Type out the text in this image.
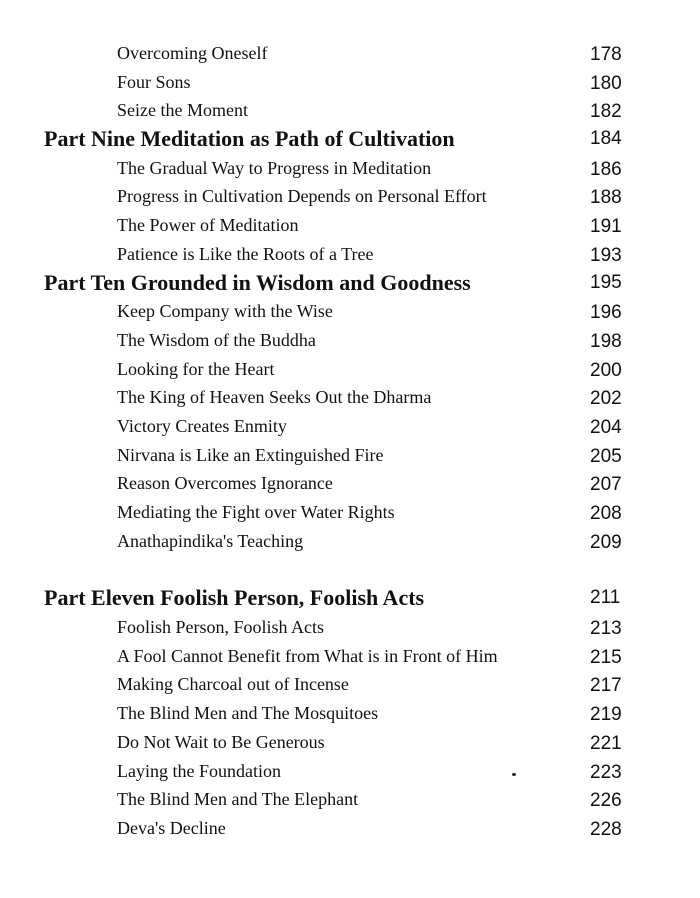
Overcoming Oneself	178
Four Sons	180
Seize the Moment	182
Part Nine Meditation as Path of Cultivation	184
The Gradual Way to Progress in Meditation	186
Progress in Cultivation Depends on Personal Effort	188
The Power of Meditation	191
Patience is Like the Roots of a Tree	193
Part Ten Grounded in Wisdom and Goodness	195
Keep Company with the Wise	196
The Wisdom of the Buddha	198
Looking for the Heart	200
The King of Heaven Seeks Out the Dharma	202
Victory Creates Enmity	204
Nirvana is Like an Extinguished Fire	205
Reason Overcomes Ignorance	207
Mediating the Fight over Water Rights	208
Anathapindika's Teaching	209
Part Eleven Foolish Person, Foolish Acts	211
Foolish Person, Foolish Acts	213
A Fool Cannot Benefit from What is in Front of Him	215
Making Charcoal out of Incense	217
The Blind Men and The Mosquitoes	219
Do Not Wait to Be Generous	221
Laying the Foundation	223
The Blind Men and The Elephant	226
Deva's Decline	228
